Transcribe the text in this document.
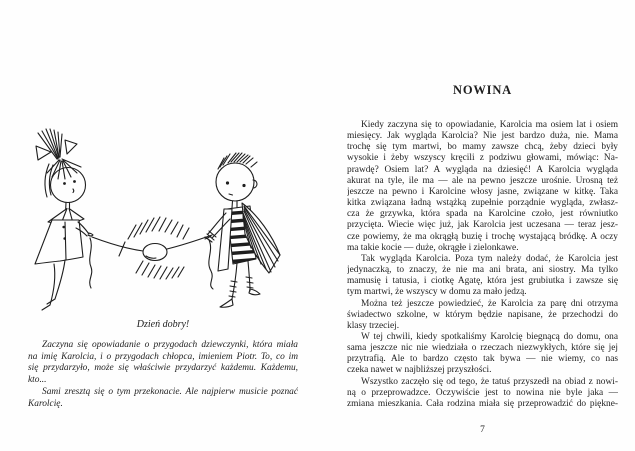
Dzień dobry!
Zaczyna się opowiadanie o przygodach dziewczynki, która miała
na imię Karolcia, i o przygodach chłopca, imieniem Piotr. To, co im
się przydarzyło, może się właściwie przydarzyć każdemu. Każdemu,
kto...
Sami zresztą się o tym przekonacie. Ale najpierw musicie poznać
Karolcię.
NOWINA
Kiedy zaczyna się to opowiadanie, Karolcia ma osiem lat i osiem
miesięcy. Jak wygląda Karolcia? Nie jest bardzo duża, nie. Mama
trochę się tym martwi, bo mamy zawsze chcą, żeby dzieci były
wysokie i żeby wszyscy kręcili z podziwu głowami, mówiąc: Na-
prawdę? Osiem lat? A wygląda na dziesięć! A Karolcia wygląda
akurat na tyle, ile ma — ale na pewno jeszcze urośnie. Urosną też
jeszcze na pewno i Karolcine włosy jasne, związane w kitkę. Taka
kitka związana ładną wstążką zupełnie porządnie wygląda, zwłasz-
cza że grzywka, która spada na Karolcine czoło, jest równiutko
przycięta. Wiecie więc już, jak Karolcia jest uczesana — teraz jesz-
cze powiemy, że ma okrągłą buzię i trochę wystającą bródkę. A oczy
ma takie kocie — duże, okrągłe i zielonkawe.
Tak wygląda Karolcia. Poza tym należy dodać, że Karolcia jest
jedynaczką, to znaczy, że nie ma ani brata, ani siostry. Ma tylko
mamusię i tatusia, i ciotkę Agatę, która jest grubiutka i zawsze się
tym martwi, że wszyscy w domu za mało jedzą.
Można też jeszcze powiedzieć, że Karolcia za parę dni otrzyma
świadectwo szkolne, w którym będzie napisane, że przechodzi do
klasy trzeciej.
W tej chwili, kiedy spotkaliśmy Karolcię biegnącą do domu, ona
sama jeszcze nic nie wiedziała o rzeczach niezwykłych, które się jej
przytrafią. Ale to bardzo często tak bywa — nie wiemy, co nas
czeka nawet w najbliższej przyszłości.
Wszystko zaczęło się od tego, że tatuś przyszedł na obiad z nowi-
ną o przeprowadzce. Oczywiście jest to nowina nie byle jaka —
zmiana mieszkania. Cała rodzina miała się przeprowadzić do piękne-
7
